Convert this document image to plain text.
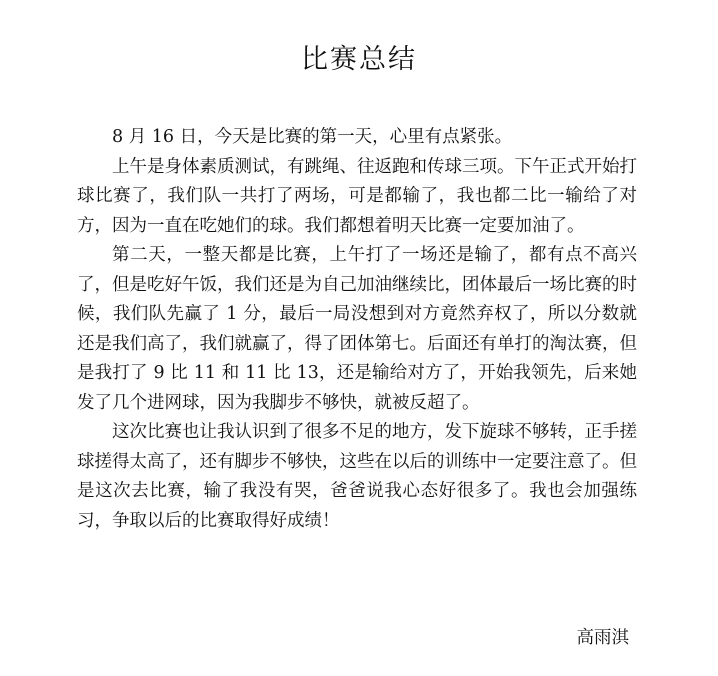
比赛总结

8 月 16 日，今天是比赛的第一天，心里有点紧张。

上午是身体素质测试，有跳绳、往返跑和传球三项。下午正式开始打球比赛了，我们队一共打了两场，可是都输了，我也都二比一输给了对方，因为一直在吃她们的球。我们都想着明天比赛一定要加油了。

第二天，一整天都是比赛，上午打了一场还是输了，都有点不高兴了，但是吃好午饭，我们还是为自己加油继续比，团体最后一场比赛的时候，我们队先赢了 1 分，最后一局没想到对方竟然弃权了，所以分数就还是我们高了，我们就赢了，得了团体第七。后面还有单打的淘汰赛，但是我打了 9 比 11 和 11 比 13，还是输给对方了，开始我领先，后来她发了几个进网球，因为我脚步不够快，就被反超了。

这次比赛也让我认识到了很多不足的地方，发下旋球不够转，正手搓球搓得太高了，还有脚步不够快，这些在以后的训练中一定要注意了。但是这次去比赛，输了我没有哭，爸爸说我心态好很多了。我也会加强练习，争取以后的比赛取得好成绩！

高雨淇
